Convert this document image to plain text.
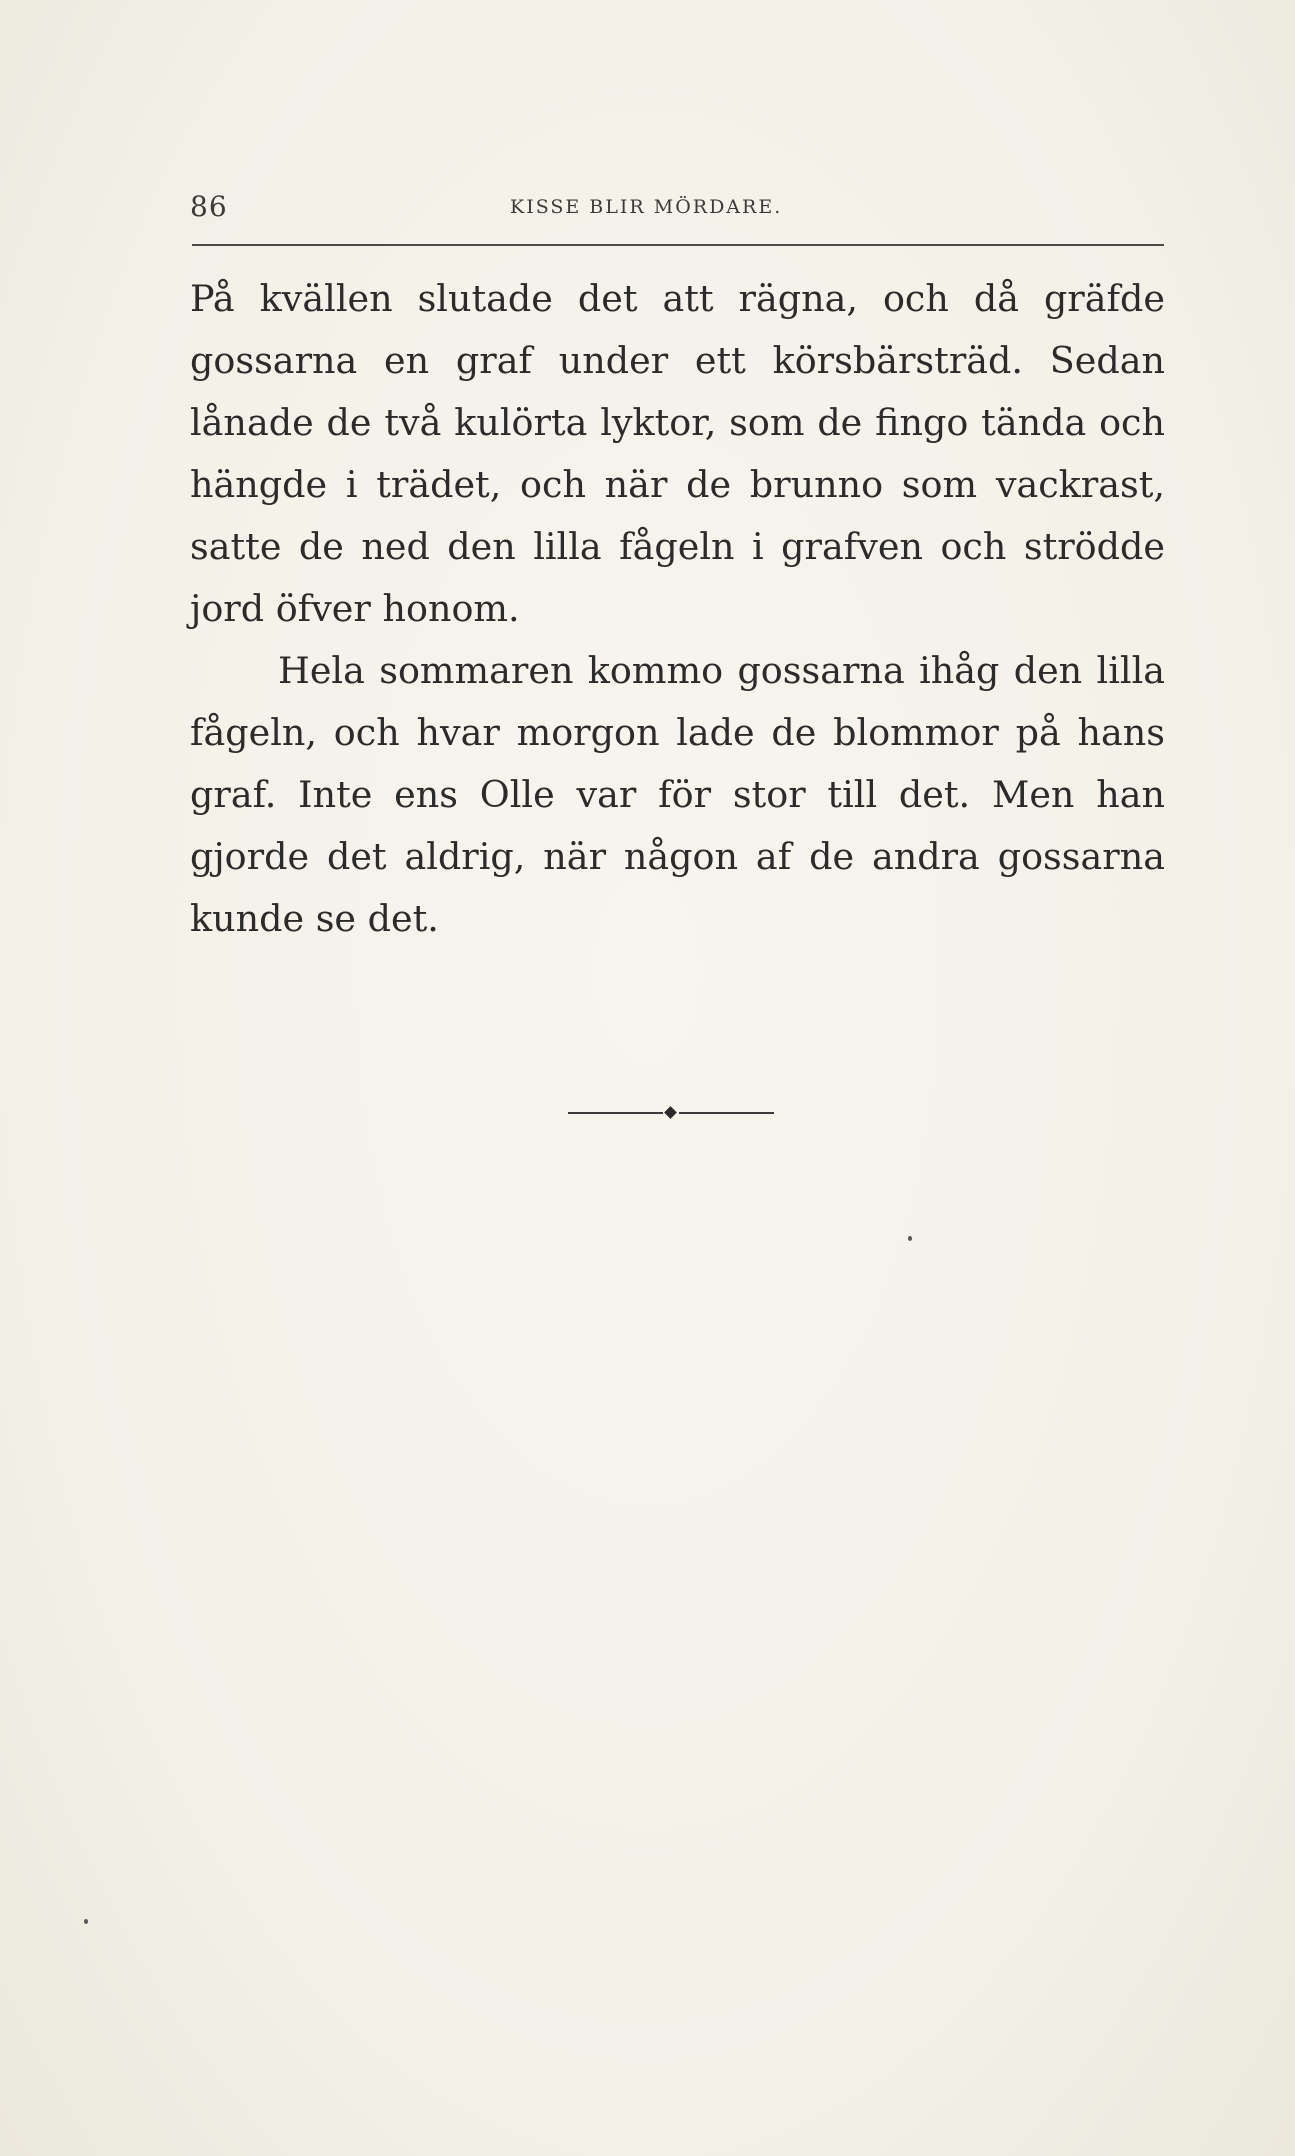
86	KISSE BLIR MÖRDARE.

På kvällen slutade det att rägna, och då gräfde gossarna en graf under ett körsbärsträd. Sedan lånade de två kulörta lyktor, som de fingo tända och hängde i trädet, och när de brunno som vackrast, satte de ned den lilla fågeln i grafven och strödde jord öfver honom.

Hela sommaren kommo gossarna ihåg den lilla fågeln, och hvar morgon lade de blommor på hans graf. Inte ens Olle var för stor till det. Men han gjorde det aldrig, när någon af de andra gossarna kunde se det.
